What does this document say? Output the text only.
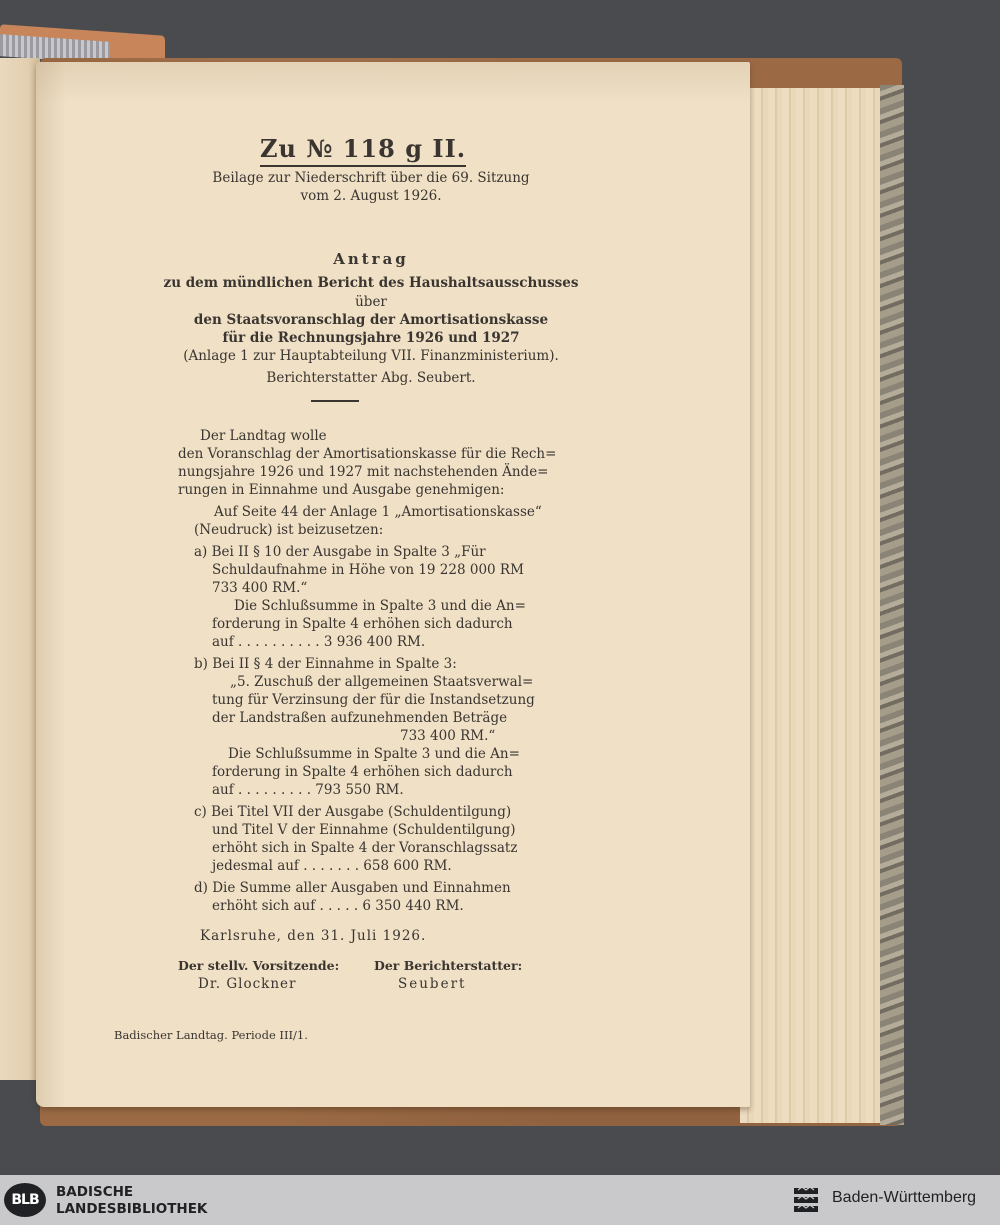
Zu № 118 g II.
Beilage zur Niederschrift über die 69. Sitzung
vom 2. August 1926.
Antrag
zu dem mündlichen Bericht des Haushaltsausschusses
über
den Staatsvoranschlag der Amortisationskasse
für die Rechnungsjahre 1926 und 1927
(Anlage 1 zur Hauptabteilung VII. Finanzministerium).
Berichterstatter Abg. Seubert.
Der Landtag wolle
den Voranschlag der Amortisationskasse für die Rech=
nungsjahre 1926 und 1927 mit nachstehenden Ände=
rungen in Einnahme und Ausgabe genehmigen:
Auf Seite 44 der Anlage 1 „Amortisationskasse“
(Neudruck) ist beizusetzen:
a) Bei II § 10 der Ausgabe in Spalte 3 „Für
Schuldaufnahme in Höhe von 19 228 000 RM
733 400 RM.“
Die Schlußsumme in Spalte 3 und die An=
forderung in Spalte 4 erhöhen sich dadurch
auf . . . . . . . . . . 3 936 400 RM.
b) Bei II § 4 der Einnahme in Spalte 3:
„5. Zuschuß der allgemeinen Staatsverwal=
tung für Verzinsung der für die Instandsetzung
der Landstraßen aufzunehmenden Beträge
733 400 RM.“
Die Schlußsumme in Spalte 3 und die An=
forderung in Spalte 4 erhöhen sich dadurch
auf . . . . . . . . . 793 550 RM.
c) Bei Titel VII der Ausgabe (Schuldentilgung)
und Titel V der Einnahme (Schuldentilgung)
erhöht sich in Spalte 4 der Voranschlagssatz
jedesmal auf . . . . . . . 658 600 RM.
d) Die Summe aller Ausgaben und Einnahmen
erhöht sich auf . . . . . 6 350 440 RM.
Karlsruhe, den 31. Juli 1926.
Der stellv. Vorsitzende:
Dr. Glockner
Der Berichterstatter:
Seubert
Badischer Landtag. Periode III/1.
BLB	BADISCHE
LANDESBIBLIOTHEK
Baden-Württemberg
